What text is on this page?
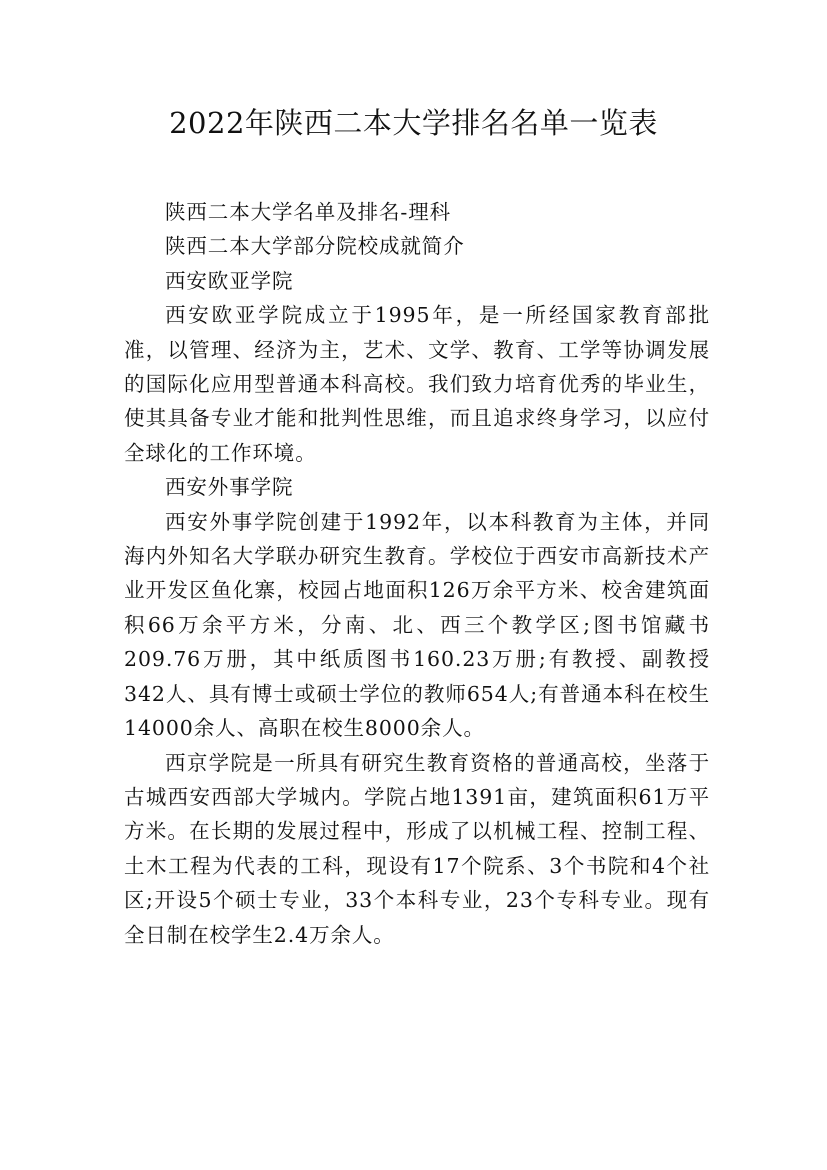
2022年陕西二本大学排名名单一览表

陕西二本大学名单及排名-理科

陕西二本大学部分院校成就简介

西安欧亚学院

西安欧亚学院成立于1995年，是一所经国家教育部批准，以管理、经济为主，艺术、文学、教育、工学等协调发展的国际化应用型普通本科高校。我们致力培育优秀的毕业生，使其具备专业才能和批判性思维，而且追求终身学习，以应付全球化的工作环境。

西安外事学院

西安外事学院创建于1992年，以本科教育为主体，并同海内外知名大学联办研究生教育。学校位于西安市高新技术产业开发区鱼化寨，校园占地面积126万余平方米、校舍建筑面积66万余平方米，分南、北、西三个教学区;图书馆藏书209.76万册，其中纸质图书160.23万册;有教授、副教授342人、具有博士或硕士学位的教师654人;有普通本科在校生14000余人、高职在校生8000余人。

西京学院是一所具有研究生教育资格的普通高校，坐落于古城西安西部大学城内。学院占地1391亩，建筑面积61万平方米。在长期的发展过程中，形成了以机械工程、控制工程、土木工程为代表的工科，现设有17个院系、3个书院和4个社区;开设5个硕士专业，33个本科专业，23个专科专业。现有全日制在校学生2.4万余人。
